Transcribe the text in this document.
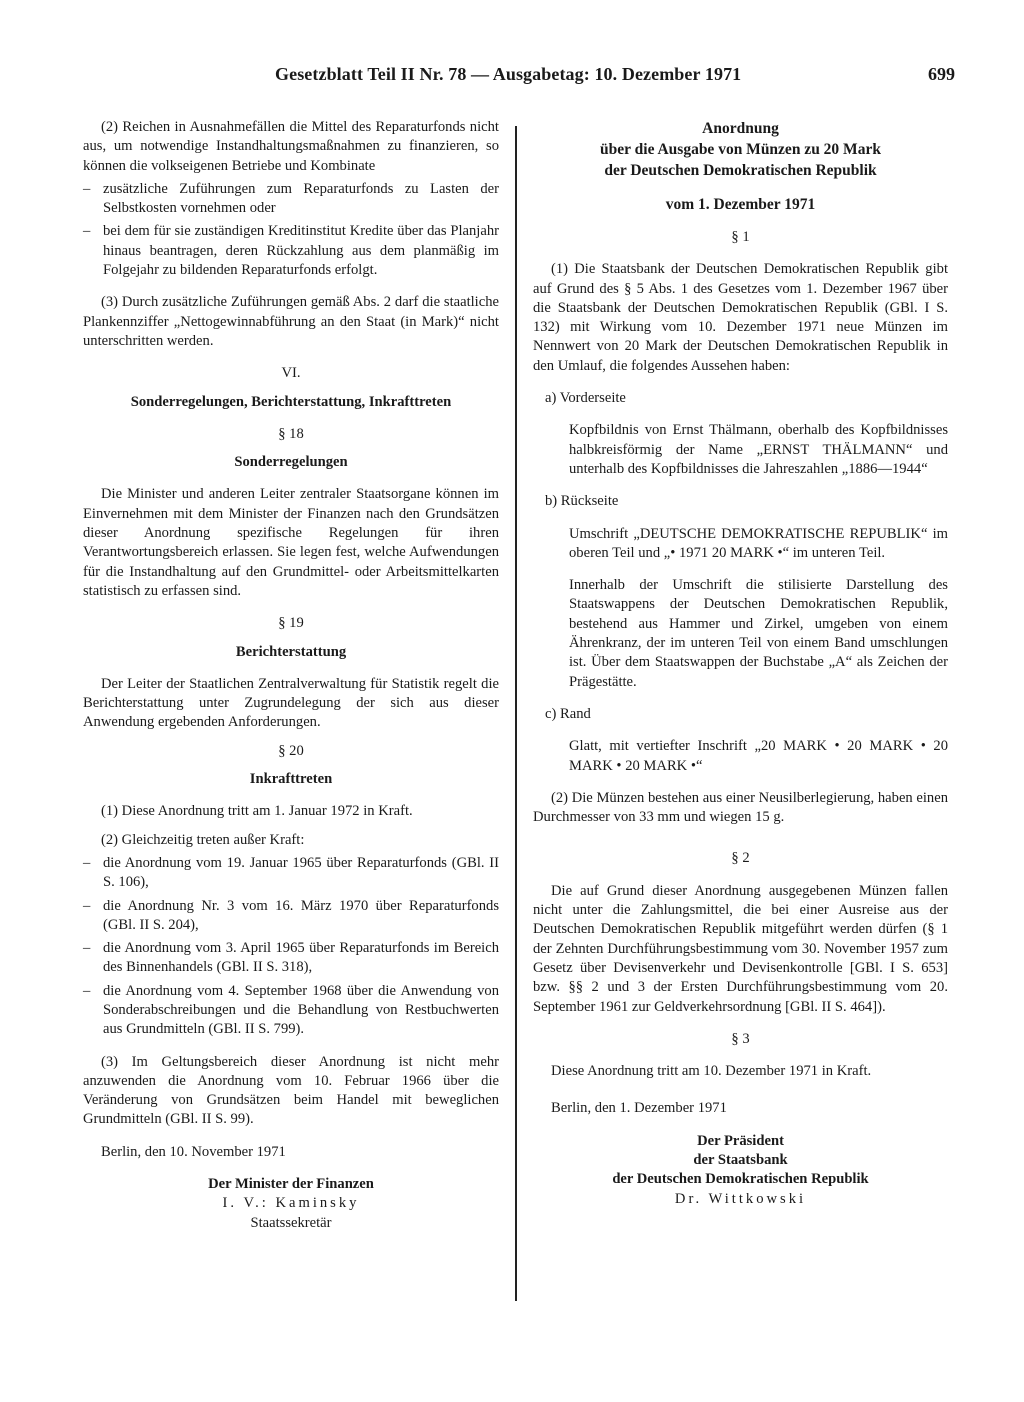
Gesetzblatt Teil II Nr. 78 — Ausgabetag: 10. Dezember 1971	699

(2) Reichen in Ausnahmefällen die Mittel des Reparaturfonds nicht aus, um notwendige Instandhaltungsmaßnahmen zu finanzieren, so können die volkseigenen Betriebe und Kombinate

– zusätzliche Zuführungen zum Reparaturfonds zu Lasten der Selbstkosten vornehmen oder
– bei dem für sie zuständigen Kreditinstitut Kredite über das Planjahr hinaus beantragen, deren Rückzahlung aus dem planmäßig im Folgejahr zu bildenden Reparaturfonds erfolgt.

(3) Durch zusätzliche Zuführungen gemäß Abs. 2 darf die staatliche Plankennziffer „Nettogewinnabführung an den Staat (in Mark)“ nicht unterschritten werden.

VI.

Sonderregelungen, Berichterstattung, Inkrafttreten

§ 18

Sonderregelungen

Die Minister und anderen Leiter zentraler Staatsorgane können im Einvernehmen mit dem Minister der Finanzen nach den Grundsätzen dieser Anordnung spezifische Regelungen für ihren Verantwortungsbereich erlassen. Sie legen fest, welche Aufwendungen für die Instandhaltung auf den Grundmittel- oder Arbeitsmittelkarten statistisch zu erfassen sind.

§ 19

Berichterstattung

Der Leiter der Staatlichen Zentralverwaltung für Statistik regelt die Berichterstattung unter Zugrundelegung der sich aus dieser Anwendung ergebenden Anforderungen.

§ 20

Inkrafttreten

(1) Diese Anordnung tritt am 1. Januar 1972 in Kraft.

(2) Gleichzeitig treten außer Kraft:

– die Anordnung vom 19. Januar 1965 über Reparaturfonds (GBl. II S. 106),
– die Anordnung Nr. 3 vom 16. März 1970 über Reparaturfonds (GBl. II S. 204),
– die Anordnung vom 3. April 1965 über Reparaturfonds im Bereich des Binnenhandels (GBl. II S. 318),
– die Anordnung vom 4. September 1968 über die Anwendung von Sonderabschreibungen und die Behandlung von Restbuchwerten aus Grundmitteln (GBl. II S. 799).

(3) Im Geltungsbereich dieser Anordnung ist nicht mehr anzuwenden die Anordnung vom 10. Februar 1966 über die Veränderung von Grundsätzen beim Handel mit beweglichen Grundmitteln (GBl. II S. 99).

Berlin, den 10. November 1971

Der Minister der Finanzen

I. V.: Kaminsky

Staatssekretär

Anordnung

über die Ausgabe von Münzen zu 20 Mark

der Deutschen Demokratischen Republik

vom 1. Dezember 1971

§ 1

(1) Die Staatsbank der Deutschen Demokratischen Republik gibt auf Grund des § 5 Abs. 1 des Gesetzes vom 1. Dezember 1967 über die Staatsbank der Deutschen Demokratischen Republik (GBl. I S. 132) mit Wirkung vom 10. Dezember 1971 neue Münzen im Nennwert von 20 Mark der Deutschen Demokratischen Republik in den Umlauf, die folgendes Aussehen haben:

a) Vorderseite

Kopfbildnis von Ernst Thälmann, oberhalb des Kopfbildnisses halbkreisförmig der Name „ERNST THÄLMANN“ und unterhalb des Kopfbildnisses die Jahreszahlen „1886—1944“

b) Rückseite

Umschrift „DEUTSCHE DEMOKRATISCHE REPUBLIK“ im oberen Teil und „• 1971 20 MARK •“ im unteren Teil.

Innerhalb der Umschrift die stilisierte Darstellung des Staatswappens der Deutschen Demokratischen Republik, bestehend aus Hammer und Zirkel, umgeben von einem Ährenkranz, der im unteren Teil von einem Band umschlungen ist. Über dem Staatswappen der Buchstabe „A“ als Zeichen der Prägestätte.

c) Rand

Glatt, mit vertiefter Inschrift „20 MARK • 20 MARK • 20 MARK • 20 MARK •“

(2) Die Münzen bestehen aus einer Neusilberlegierung, haben einen Durchmesser von 33 mm und wiegen 15 g.

§ 2

Die auf Grund dieser Anordnung ausgegebenen Münzen fallen nicht unter die Zahlungsmittel, die bei einer Ausreise aus der Deutschen Demokratischen Republik mitgeführt werden dürfen (§ 1 der Zehnten Durchführungsbestimmung vom 30. November 1957 zum Gesetz über Devisenverkehr und Devisenkontrolle [GBl. I S. 653] bzw. §§ 2 und 3 der Ersten Durchführungsbestimmung vom 20. September 1961 zur Geldverkehrsordnung [GBl. II S. 464]).

§ 3

Diese Anordnung tritt am 10. Dezember 1971 in Kraft.

Berlin, den 1. Dezember 1971

Der Präsident

der Staatsbank

der Deutschen Demokratischen Republik

Dr. Wittkowski
